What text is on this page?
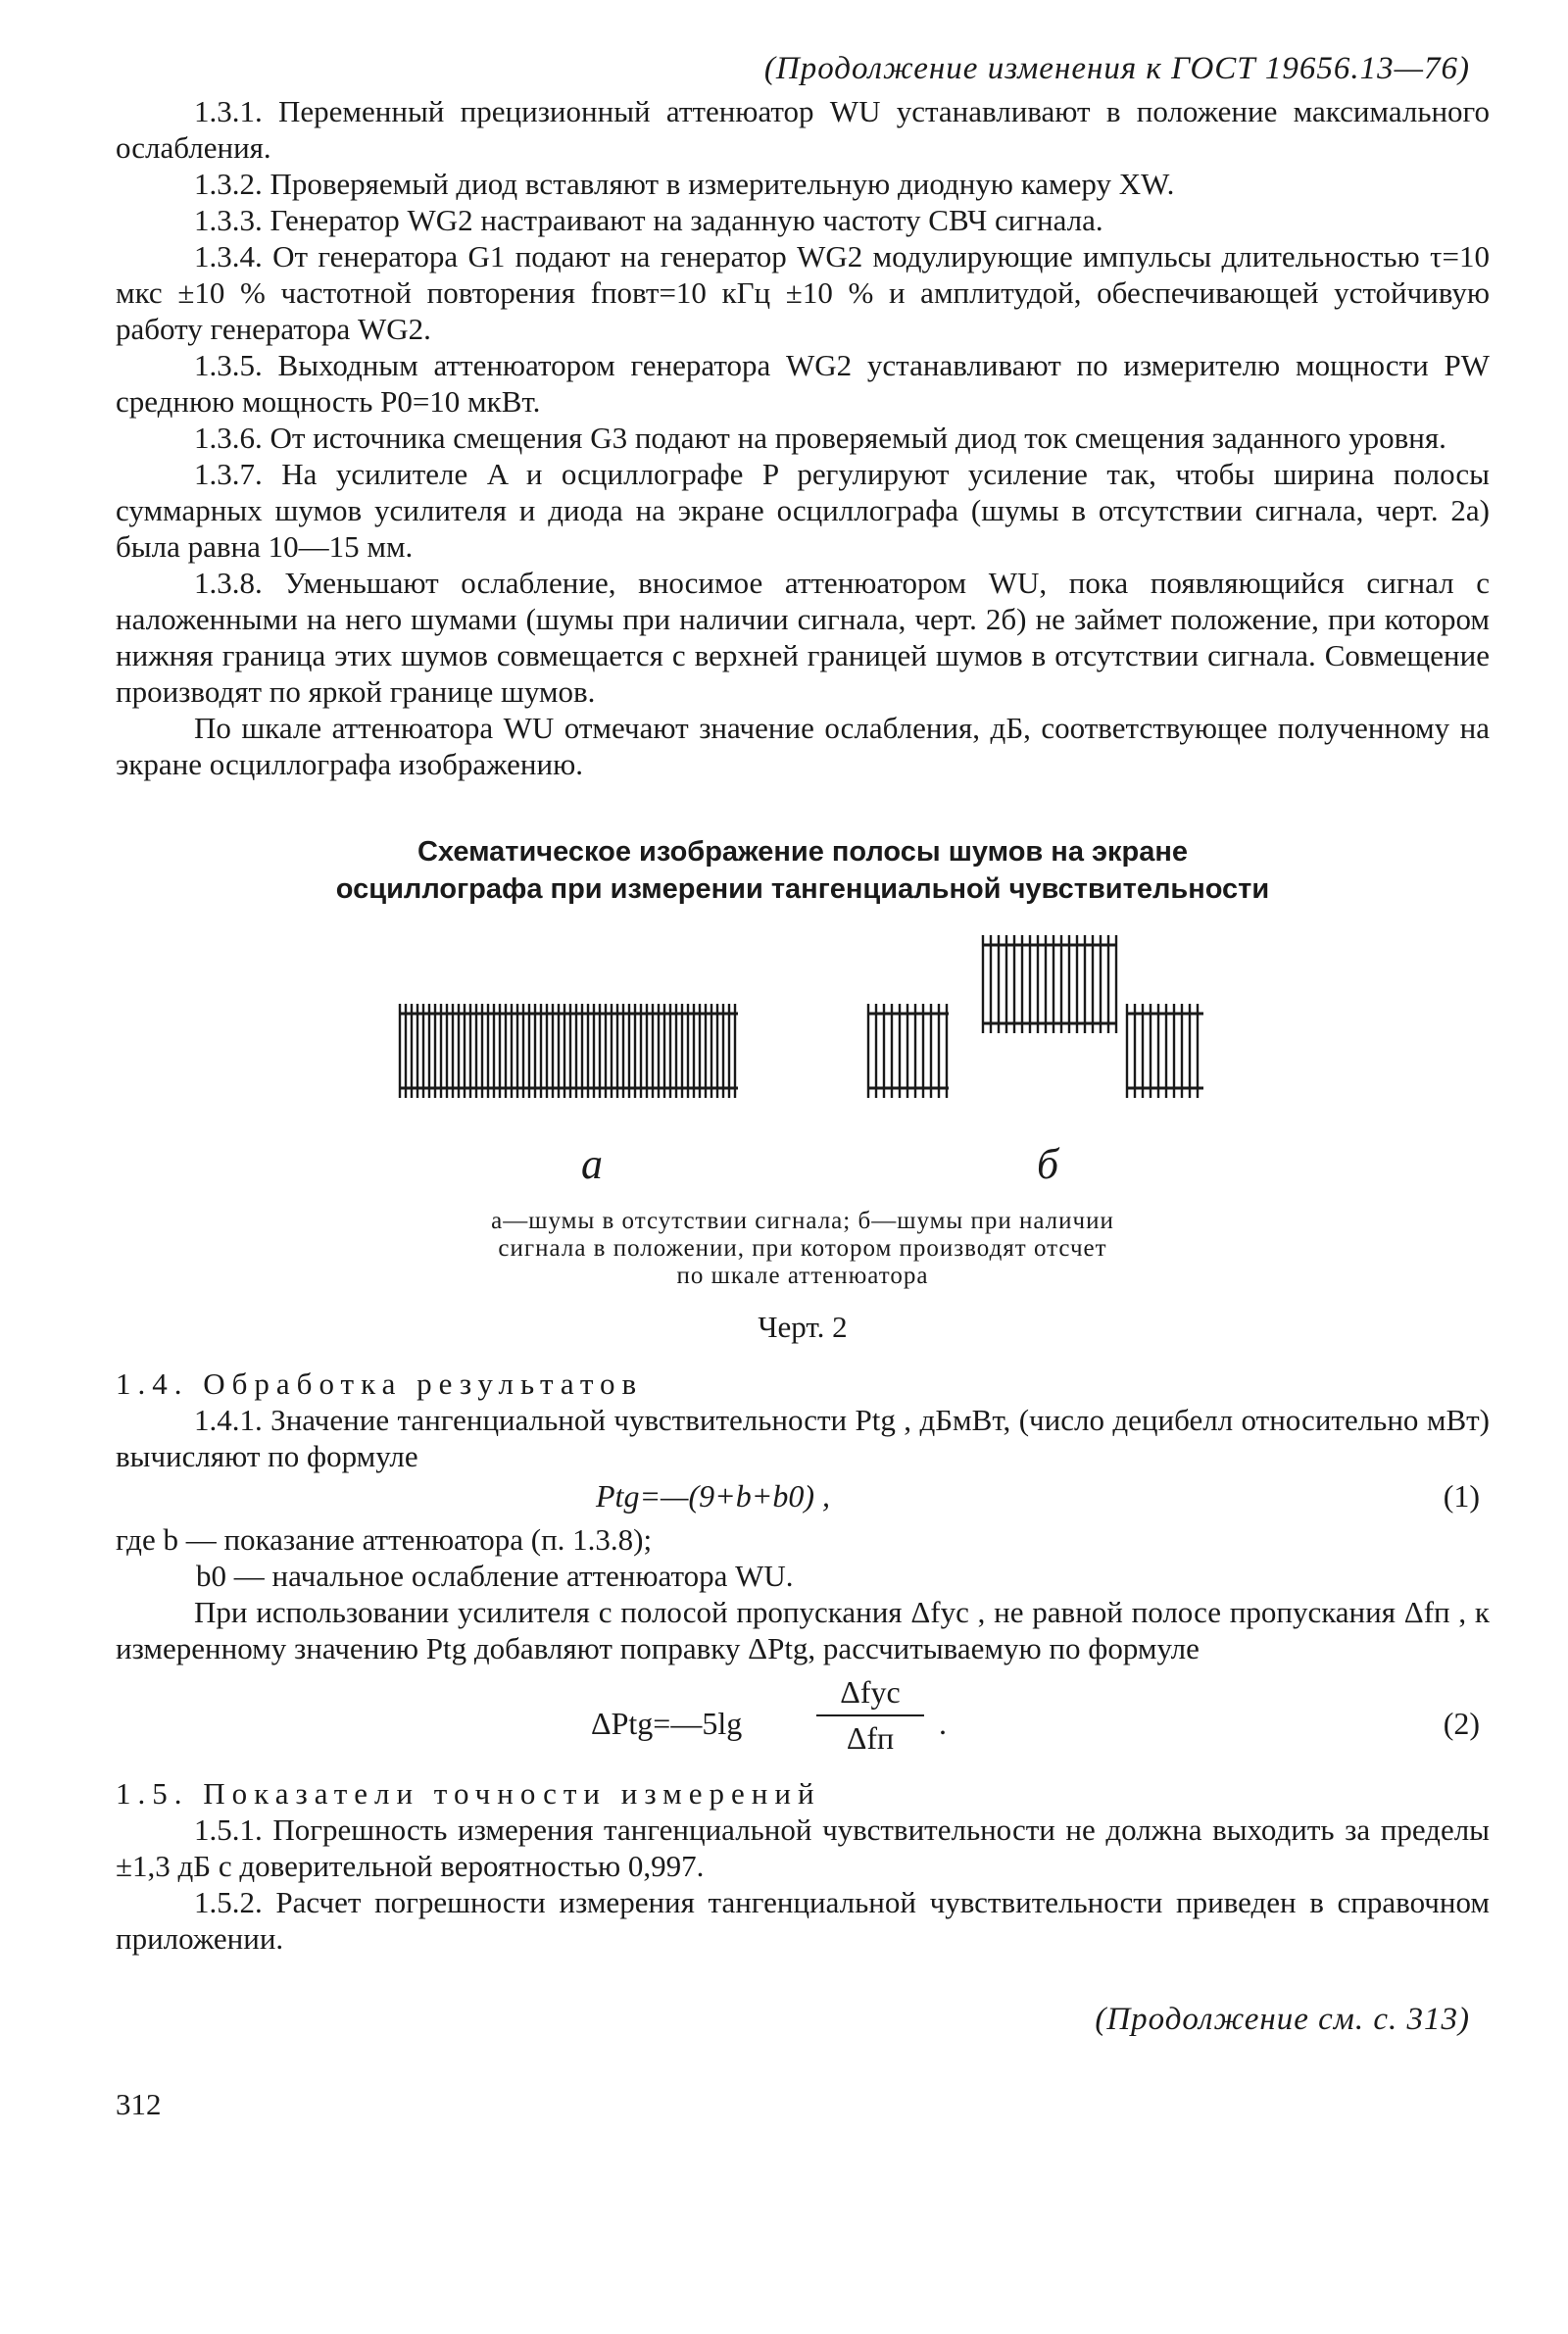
(Продолжение изменения к ГОСТ 19656.13—76)

1.3.1. Переменный прецизионный аттенюатор WU устанавливают в положение максимального ослабления.

1.3.2. Проверяемый диод вставляют в измерительную диодную камеру XW.

1.3.3. Генератор WG2 настраивают на заданную частоту СВЧ сигнала.

1.3.4. От генератора G1 подают на генератор WG2 модулирующие импульсы длительностью τ=10 мкс ±10 % частотной повторения fповт=10 кГц ±10 % и амплитудой, обеспечивающей устойчивую работу генератора WG2.

1.3.5. Выходным аттенюатором генератора WG2 устанавливают по измерителю мощности PW среднюю мощность P0=10 мкВт.

1.3.6. От источника смещения G3 подают на проверяемый диод ток смещения заданного уровня.

1.3.7. На усилителе A и осциллографе P регулируют усиление так, чтобы ширина полосы суммарных шумов усилителя и диода на экране осциллографа (шумы в отсутствии сигнала, черт. 2а) была равна 10—15 мм.

1.3.8. Уменьшают ослабление, вносимое аттенюатором WU, пока появляющийся сигнал с наложенными на него шумами (шумы при наличии сигнала, черт. 2б) не займет положение, при котором нижняя граница этих шумов совмещается с верхней границей шумов в отсутствии сигнала. Совмещение производят по яркой границе шумов.

По шкале аттенюатора WU отмечают значение ослабления, дБ, соответствующее полученному на экране осциллографа изображению.

Схематическое изображение полосы шумов на экране
осциллографа при измерении тангенциальной чувствительности
а	б
а—шумы в отсутствии сигнала; б—шумы при наличии
сигнала в положении, при котором производят отсчет
по шкале аттенюатора
Черт. 2

1.4. Обработка результатов

1.4.1. Значение тангенциальной чувствительности Ptg , дБмВт, (число децибелл относительно мВт) вычисляют по формуле

Ptg=—(9+b+b0) ,	(1)

где b — показание аттенюатора (п. 1.3.8);

b0 — начальное ослабление аттенюатора WU.

При использовании усилителя с полосой пропускания Δfус , не равной полосе пропускания Δfп , к измеренному значению Ptg добавляют поправку ΔPtg, рассчитываемую по формуле

ΔPtg=—5lg
Δfус
Δfп	.	(2)

1.5. Показатели точности измерений

1.5.1. Погрешность измерения тангенциальной чувствительности не должна выходить за пределы ±1,3 дБ с доверительной вероятностью 0,997.

1.5.2. Расчет погрешности измерения тангенциальной чувствительности приведен в справочном приложении.

(Продолжение см. с. 313)
312
